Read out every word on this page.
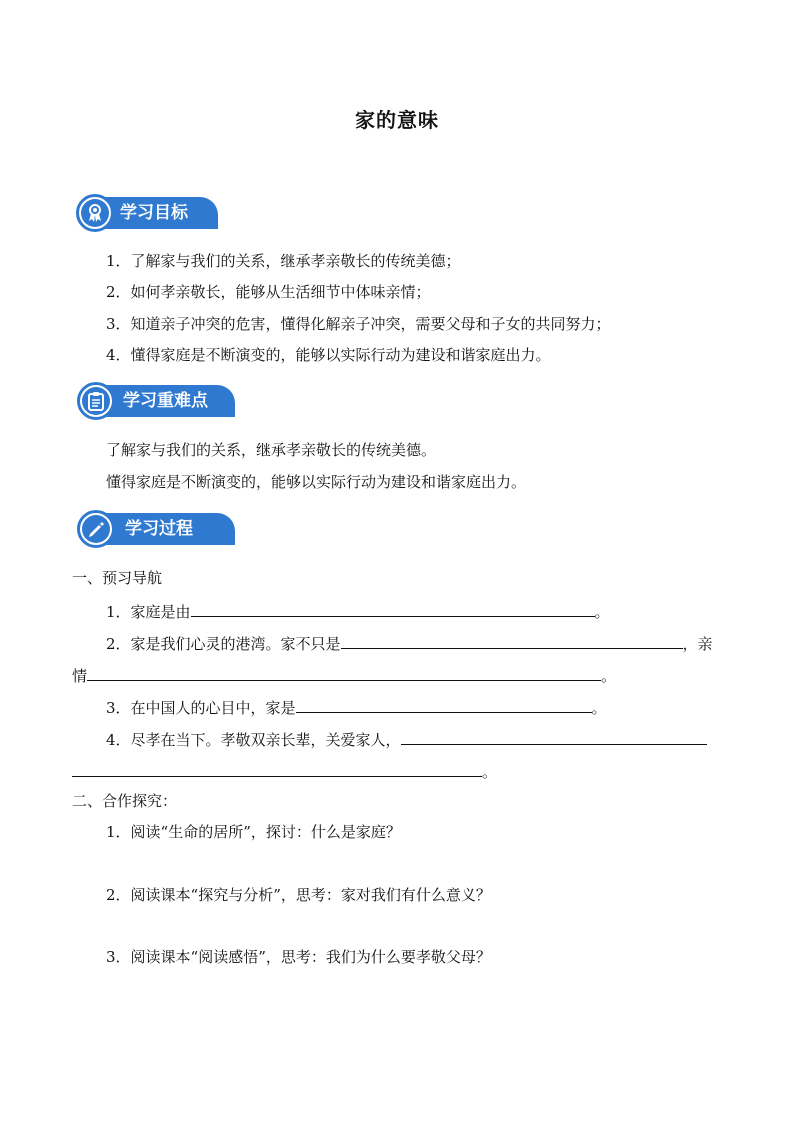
家的意味
学习目标
1．了解家与我们的关系，继承孝亲敬长的传统美德；
2．如何孝亲敬长，能够从生活细节中体味亲情；
3．知道亲子冲突的危害，懂得化解亲子冲突，需要父母和子女的共同努力；
4．懂得家庭是不断演变的，能够以实际行动为建设和谐家庭出力。
学习重难点
了解家与我们的关系，继承孝亲敬长的传统美德。
懂得家庭是不断演变的，能够以实际行动为建设和谐家庭出力。
学习过程
一、预习导航
1．家庭是由	。
2．家是我们心灵的港湾。家不只是	，亲
情	。
3．在中国人的心目中，家是	。
4．尽孝在当下。孝敬双亲长辈，关爱家人，
。
二、合作探究：
1．阅读“生命的居所”，探讨：什么是家庭？
2．阅读课本“探究与分析”，思考：家对我们有什么意义？
3．阅读课本“阅读感悟”，思考：我们为什么要孝敬父母？
